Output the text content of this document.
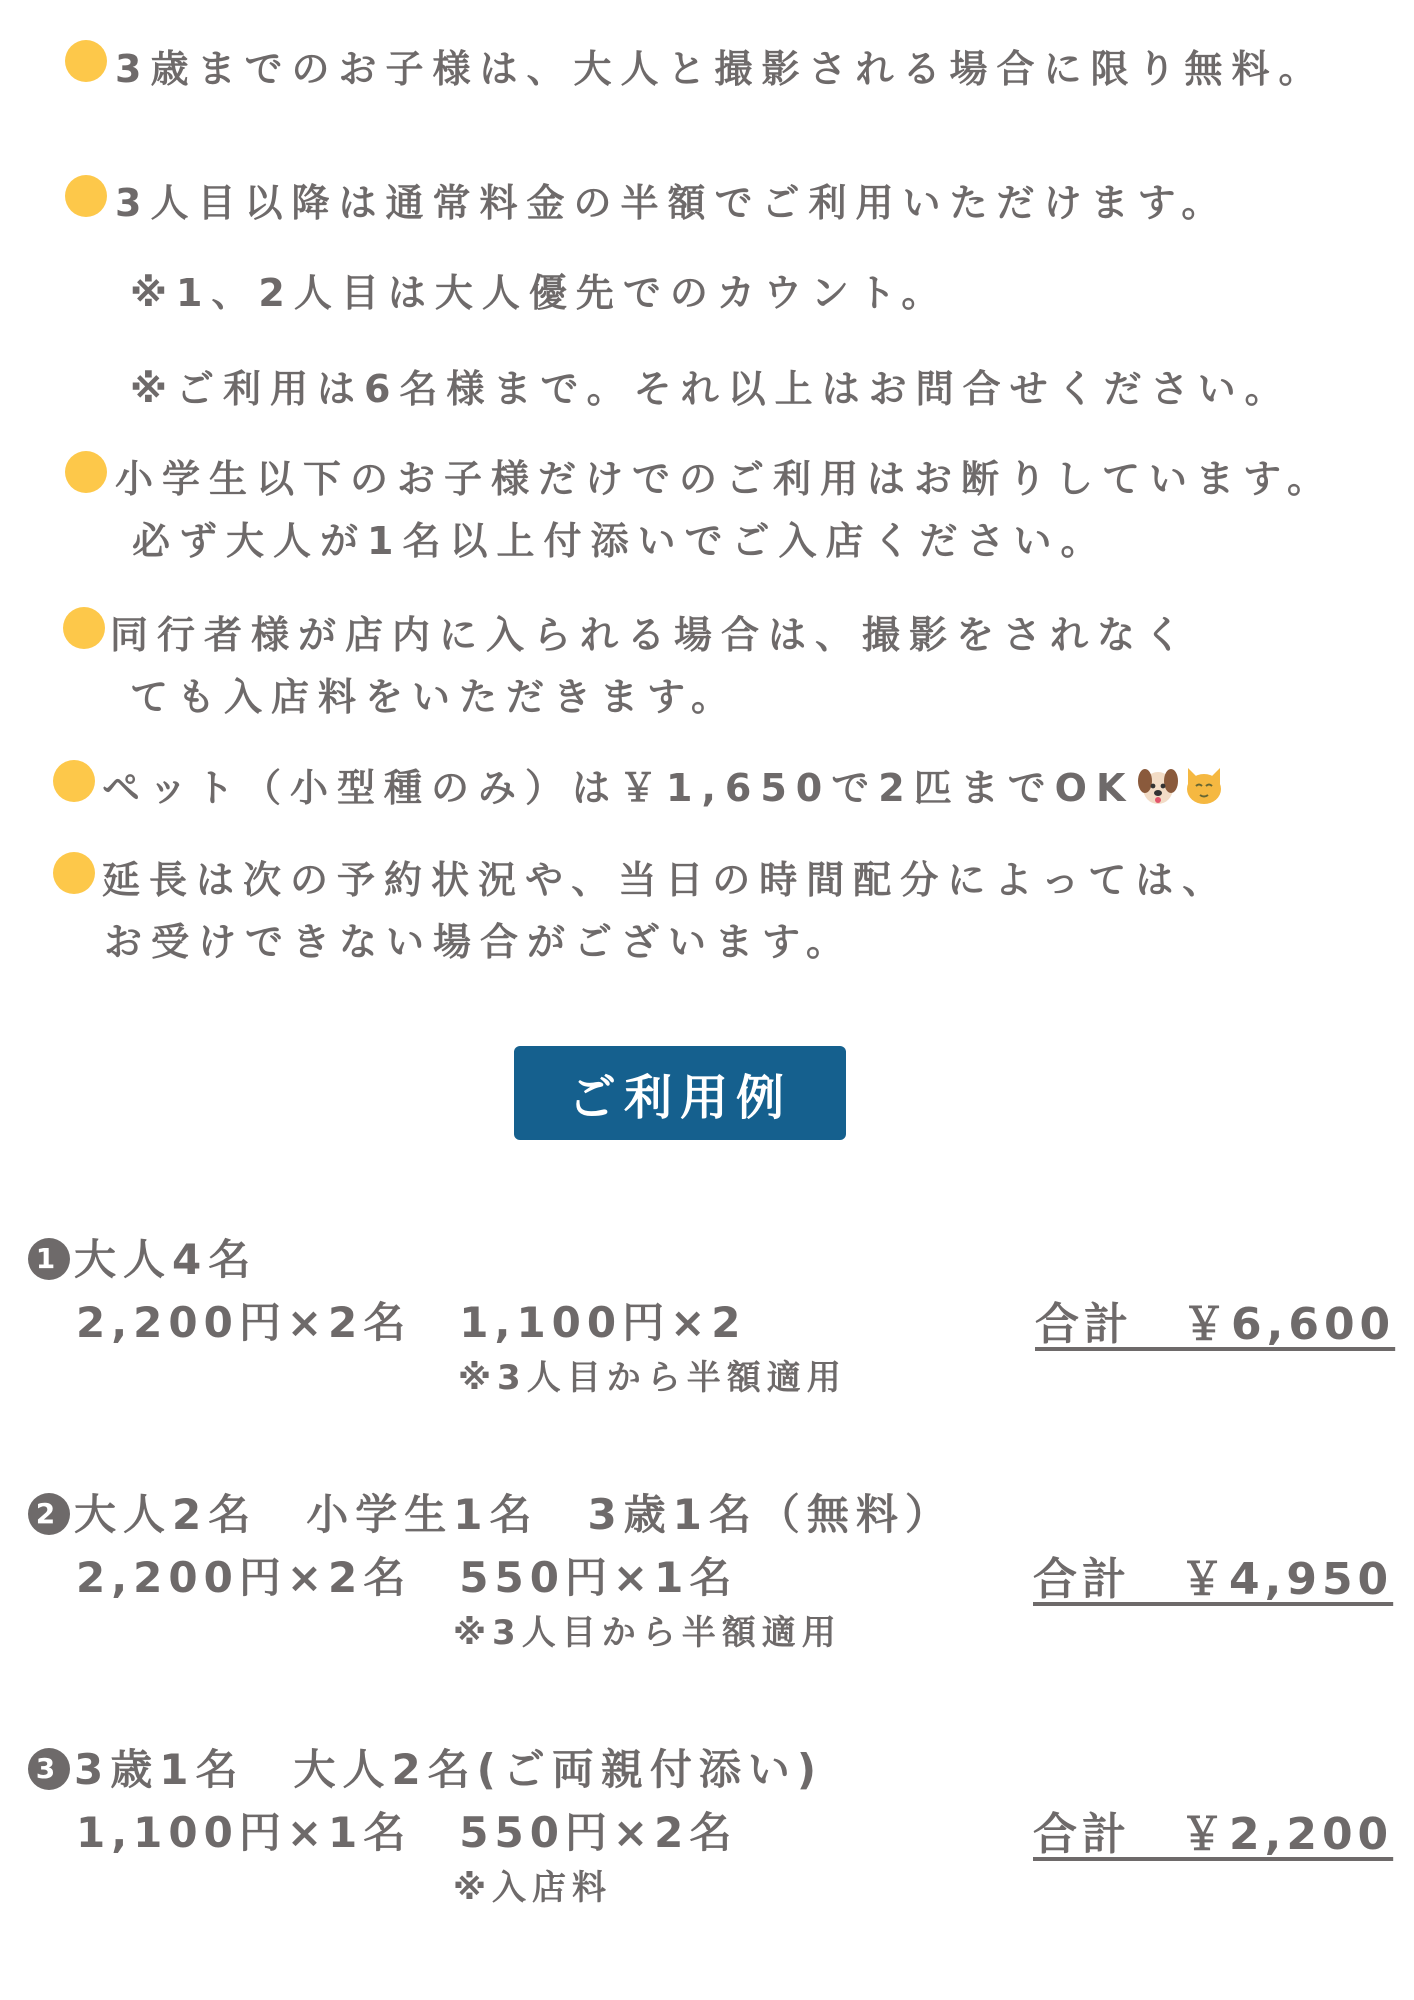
3歳までのお子様は、大人と撮影される場合に限り無料。
3人目以降は通常料金の半額でご利用いただけます。
※1、2人目は大人優先でのカウント。
※ご利用は6名様まで。それ以上はお問合せください。
小学生以下のお子様だけでのご利用はお断りしています。
必ず大人が1名以上付添いでご入店ください。
同行者様が店内に入られる場合は、撮影をされなく
ても入店料をいただきます。
ペット（小型種のみ）は￥1,650で2匹までOK
延長は次の予約状況や、当日の時間配分によっては、
お受けできない場合がございます。
ご利用例
1 大人4名
2,200円×2名　1,100円×2
※3人目から半額適用
合計　￥6,600
2 大人2名　小学生1名　3歳1名（無料）
2,200円×2名　550円×1名
※3人目から半額適用
合計　￥4,950
3 3歳1名　大人2名(ご両親付添い)
1,100円×1名　550円×2名
※入店料
合計　￥2,200
